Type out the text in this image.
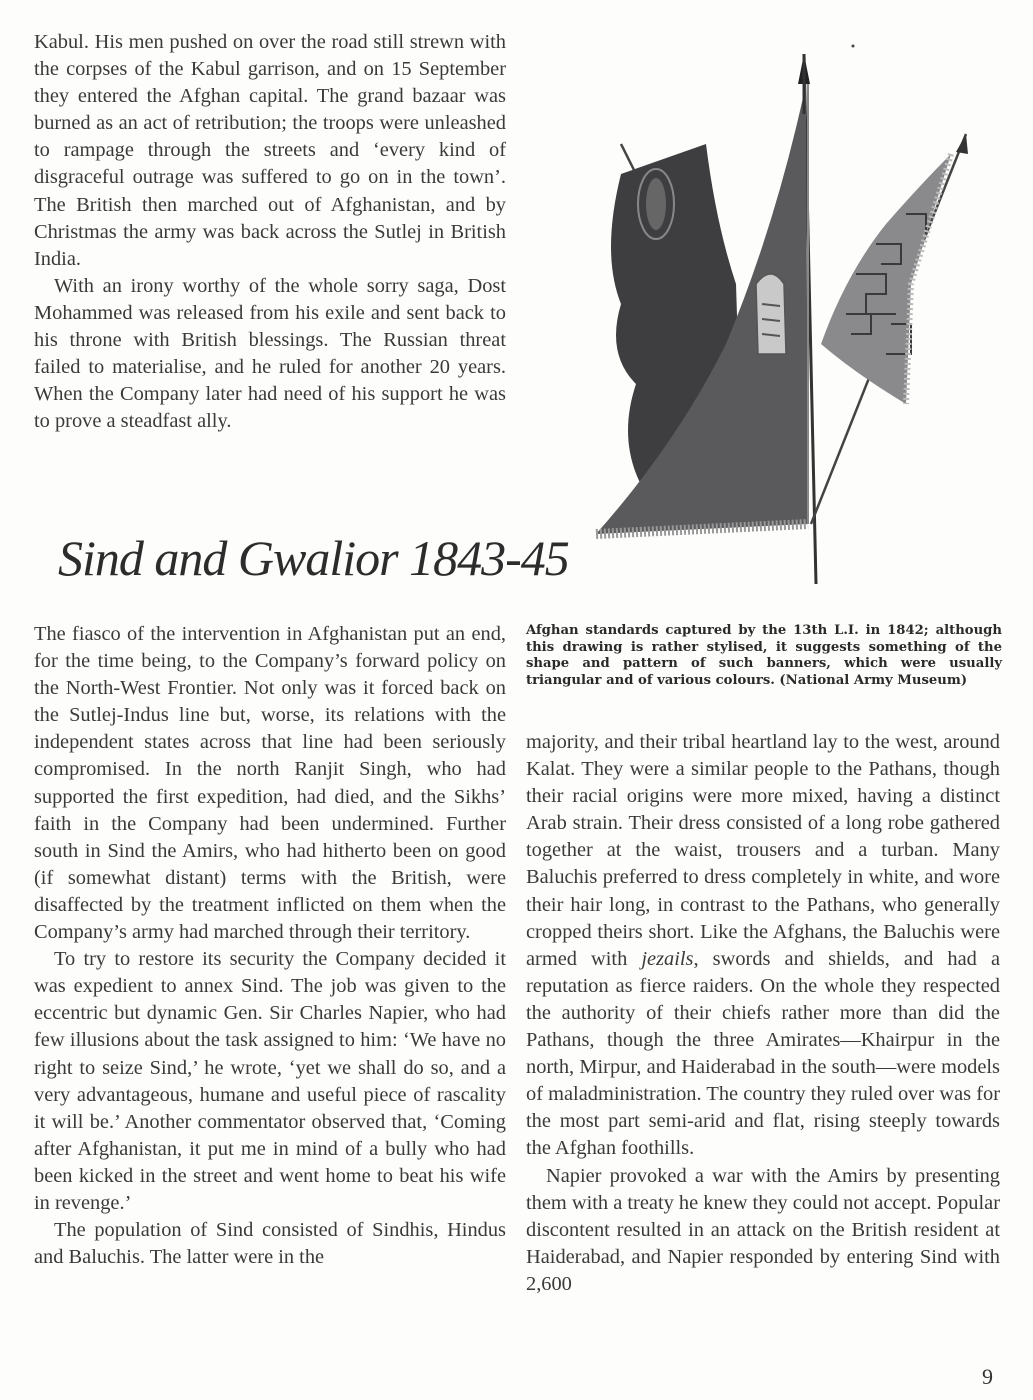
Kabul. His men pushed on over the road still strewn with the corpses of the Kabul garrison, and on 15 September they entered the Afghan capital. The grand bazaar was burned as an act of retribution; the troops were unleashed to rampage through the streets and ‘every kind of disgraceful outrage was suffered to go on in the town’. The British then marched out of Afghanistan, and by Christmas the army was back across the Sutlej in British India.

With an irony worthy of the whole sorry saga, Dost Mohammed was released from his exile and sent back to his throne with British blessings. The Russian threat failed to materialise, and he ruled for another 20 years. When the Company later had need of his support he was to prove a steadfast ally.

Sind and Gwalior 1843-45

The fiasco of the intervention in Afghanistan put an end, for the time being, to the Company’s forward policy on the North-West Frontier. Not only was it forced back on the Sutlej-Indus line but, worse, its relations with the independent states across that line had been seriously compromised. In the north Ranjit Singh, who had supported the first expedition, had died, and the Sikhs’ faith in the Company had been undermined. Further south in Sind the Amirs, who had hitherto been on good (if somewhat distant) terms with the British, were disaffected by the treatment inflicted on them when the Company’s army had marched through their territory.

To try to restore its security the Company decided it was expedient to annex Sind. The job was given to the eccentric but dynamic Gen. Sir Charles Napier, who had few illusions about the task assigned to him: ‘We have no right to seize Sind,’ he wrote, ‘yet we shall do so, and a very advantageous, humane and useful piece of rascality it will be.’ Another commentator observed that, ‘Coming after Afghanistan, it put me in mind of a bully who had been kicked in the street and went home to beat his wife in revenge.’

The population of Sind consisted of Sindhis, Hindus and Baluchis. The latter were in the

Afghan standards captured by the 13th L.I. in 1842; although this drawing is rather stylised, it suggests something of the shape and pattern of such banners, which were usually triangular and of various colours. (National Army Museum)

majority, and their tribal heartland lay to the west, around Kalat. They were a similar people to the Pathans, though their racial origins were more mixed, having a distinct Arab strain. Their dress consisted of a long robe gathered together at the waist, trousers and a turban. Many Baluchis preferred to dress completely in white, and wore their hair long, in contrast to the Pathans, who generally cropped theirs short. Like the Afghans, the Baluchis were armed with jezails, swords and shields, and had a reputation as fierce raiders. On the whole they respected the authority of their chiefs rather more than did the Pathans, though the three Amirates—Khairpur in the north, Mirpur, and Haiderabad in the south—were models of maladministration. The country they ruled over was for the most part semi-arid and flat, rising steeply towards the Afghan foothills.

Napier provoked a war with the Amirs by presenting them with a treaty he knew they could not accept. Popular discontent resulted in an attack on the British resident at Haiderabad, and Napier responded by entering Sind with 2,600

9
